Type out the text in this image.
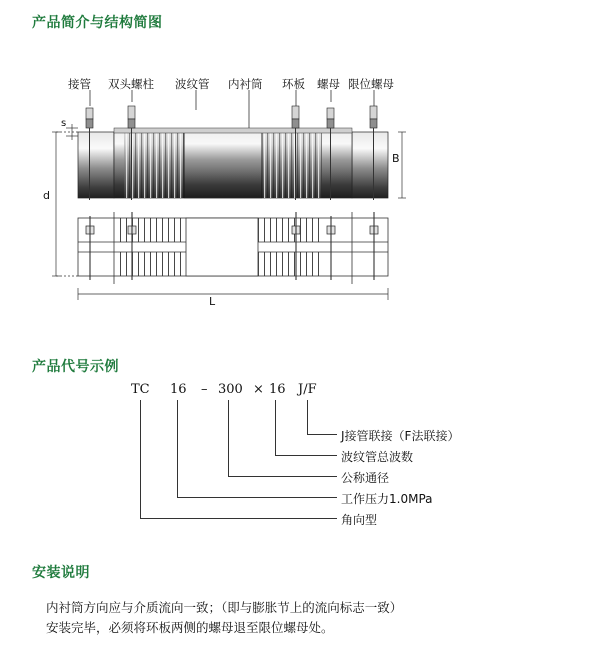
产品简介与结构简图
产品代号示例
安装说明
接管 双头螺柱 波纹管 内衬筒 环板 螺母 限位螺母
s
d
B
L
TC 16 – 300 × 16 J/F
J接管联接（F法联接）
波纹管总波数
公称通径
工作压力1.0MPa
角向型
内衬筒方向应与介质流向一致；（即与膨胀节上的流向标志一致）
安装完毕，必须将环板两侧的螺母退至限位螺母处。
